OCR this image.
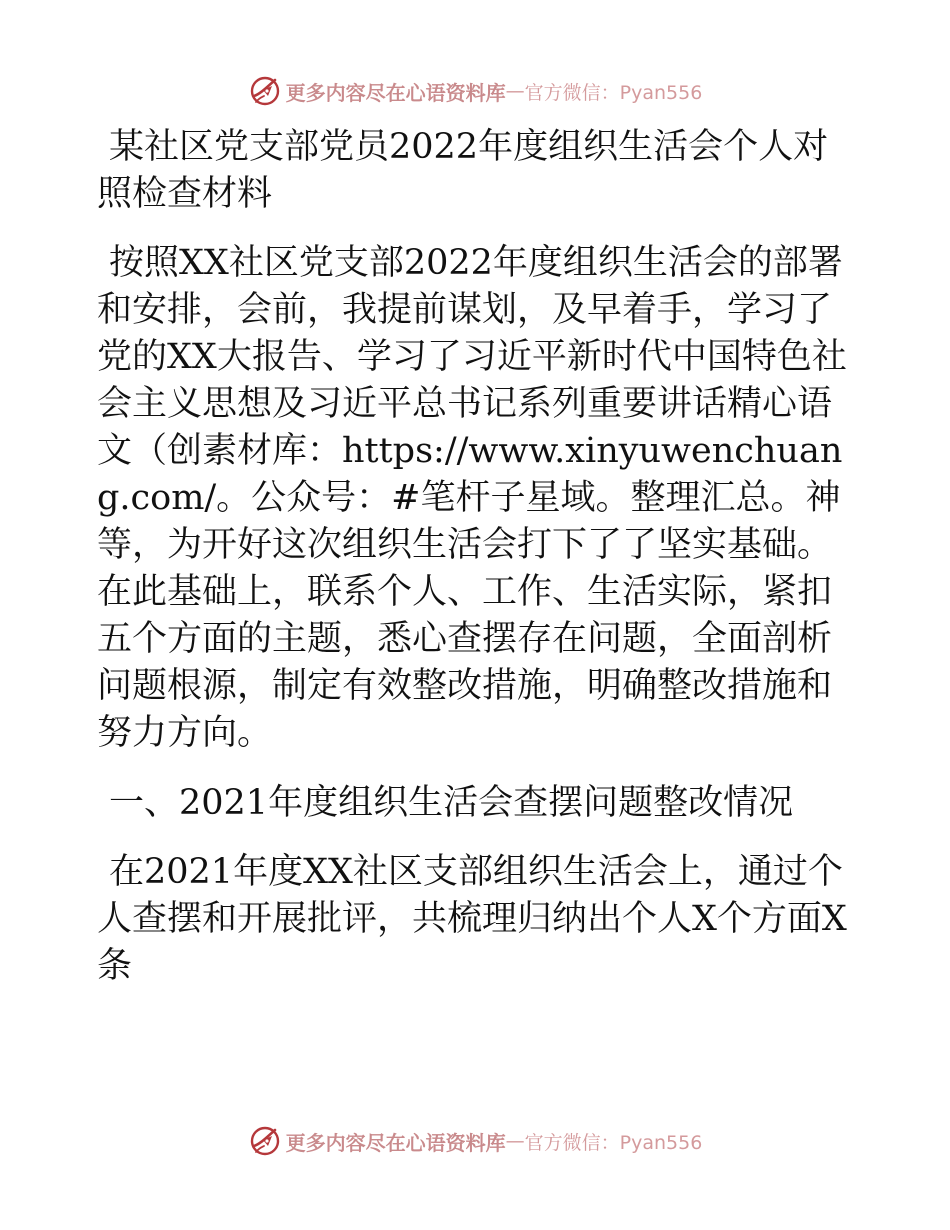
更多内容尽在心语资料库 — 官方微信：Pyan556

某社区党支部党员2022年度组织生活会个人对照检查材料

按照XX社区党支部2022年度组织生活会的部署和安排，会前，我提前谋划，及早着手，学习了党的XX大报告、学习了习近平新时代中国特色社会主义思想及习近平总书记系列重要讲话精心语文（创素材库：https://www.xinyuwenchuang.com/。公众号：#笔杆子星域。整理汇总。神等，为开好这次组织生活会打下了了坚实基础。在此基础上，联系个人、工作、生活实际，紧扣五个方面的主题，悉心查摆存在问题，全面剖析问题根源，制定有效整改措施，明确整改措施和努力方向。

一、2021年度组织生活会查摆问题整改情况

在2021年度XX社区支部组织生活会上，通过个人查摆和开展批评，共梳理归纳出个人X个方面X条

更多内容尽在心语资料库 — 官方微信：Pyan556
